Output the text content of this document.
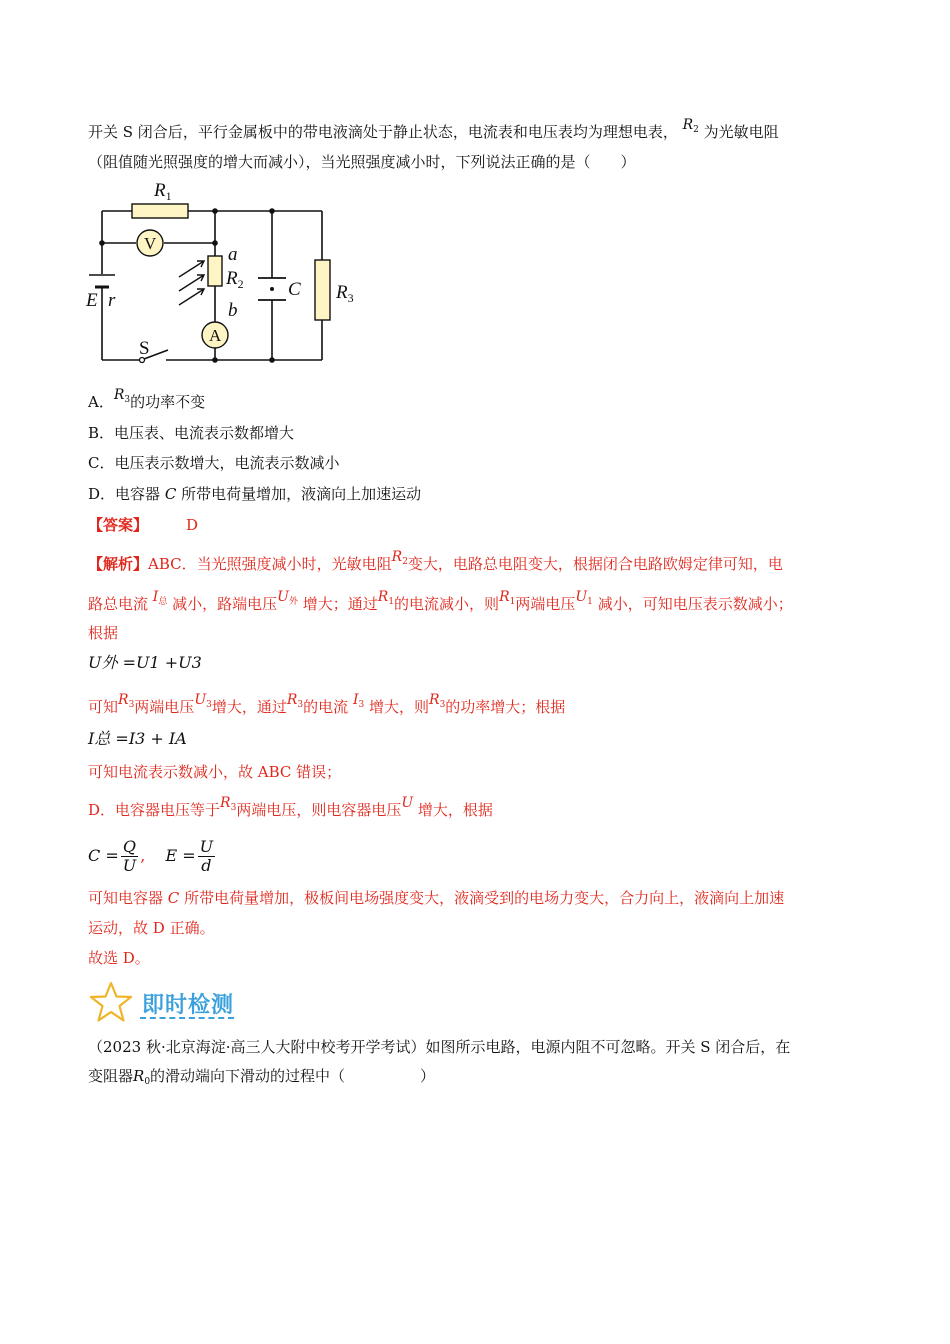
开关 S 闭合后，平行金属板中的带电液滴处于静止状态，电流表和电压表均为理想电表， $R_2$ 为光敏电阻
（阻值随光照强度的增大而减小），当光照强度减小时，下列说法正确的是（　　）
$R_1$
V
a
$R_2$
b
A
C $R_3$
E r
S
A．$R_3$的功率不变
B．电压表、电流表示数都增大
C．电压表示数增大，电流表示数减小
D．电容器 C 所带电荷量增加，液滴向上加速运动
【答案】	D
【解析】ABC．当光照强度减小时，光敏电阻$R_2$变大，电路总电阻变大，根据闭合电路欧姆定律可知，电
路总电流 $I_总$ 减小，路端电压$U_外$ 增大；通过$R_1$的电流减小，则$R_1$两端电压$U_1$ 减小，可知电压表示数减小；
根据
U外 =U1 +U3
可知$R_3$两端电压$U_3$增大，通过$R_3$的电流 $I_3$ 增大，则$R_3$的功率增大；根据
I总 =I3 + IA
可知电流表示数减小，故 ABC 错误；
D．电容器电压等于$R_3$两端电压，则电容器电压U 增大，根据
$C = \frac{Q}{U}$ , $E = \frac{U}{d}$
可知电容器 C 所带电荷量增加，极板间电场强度变大，液滴受到的电场力变大，合力向上，液滴向上加速
运动，故 D 正确。
故选 D。
即时检测
（2023 秋·北京海淀·高三人大附中校考开学考试）如图所示电路，电源内阻不可忽略。开关 S 闭合后，在
变阻器$R_0$的滑动端向下滑动的过程中（　　　　　）
